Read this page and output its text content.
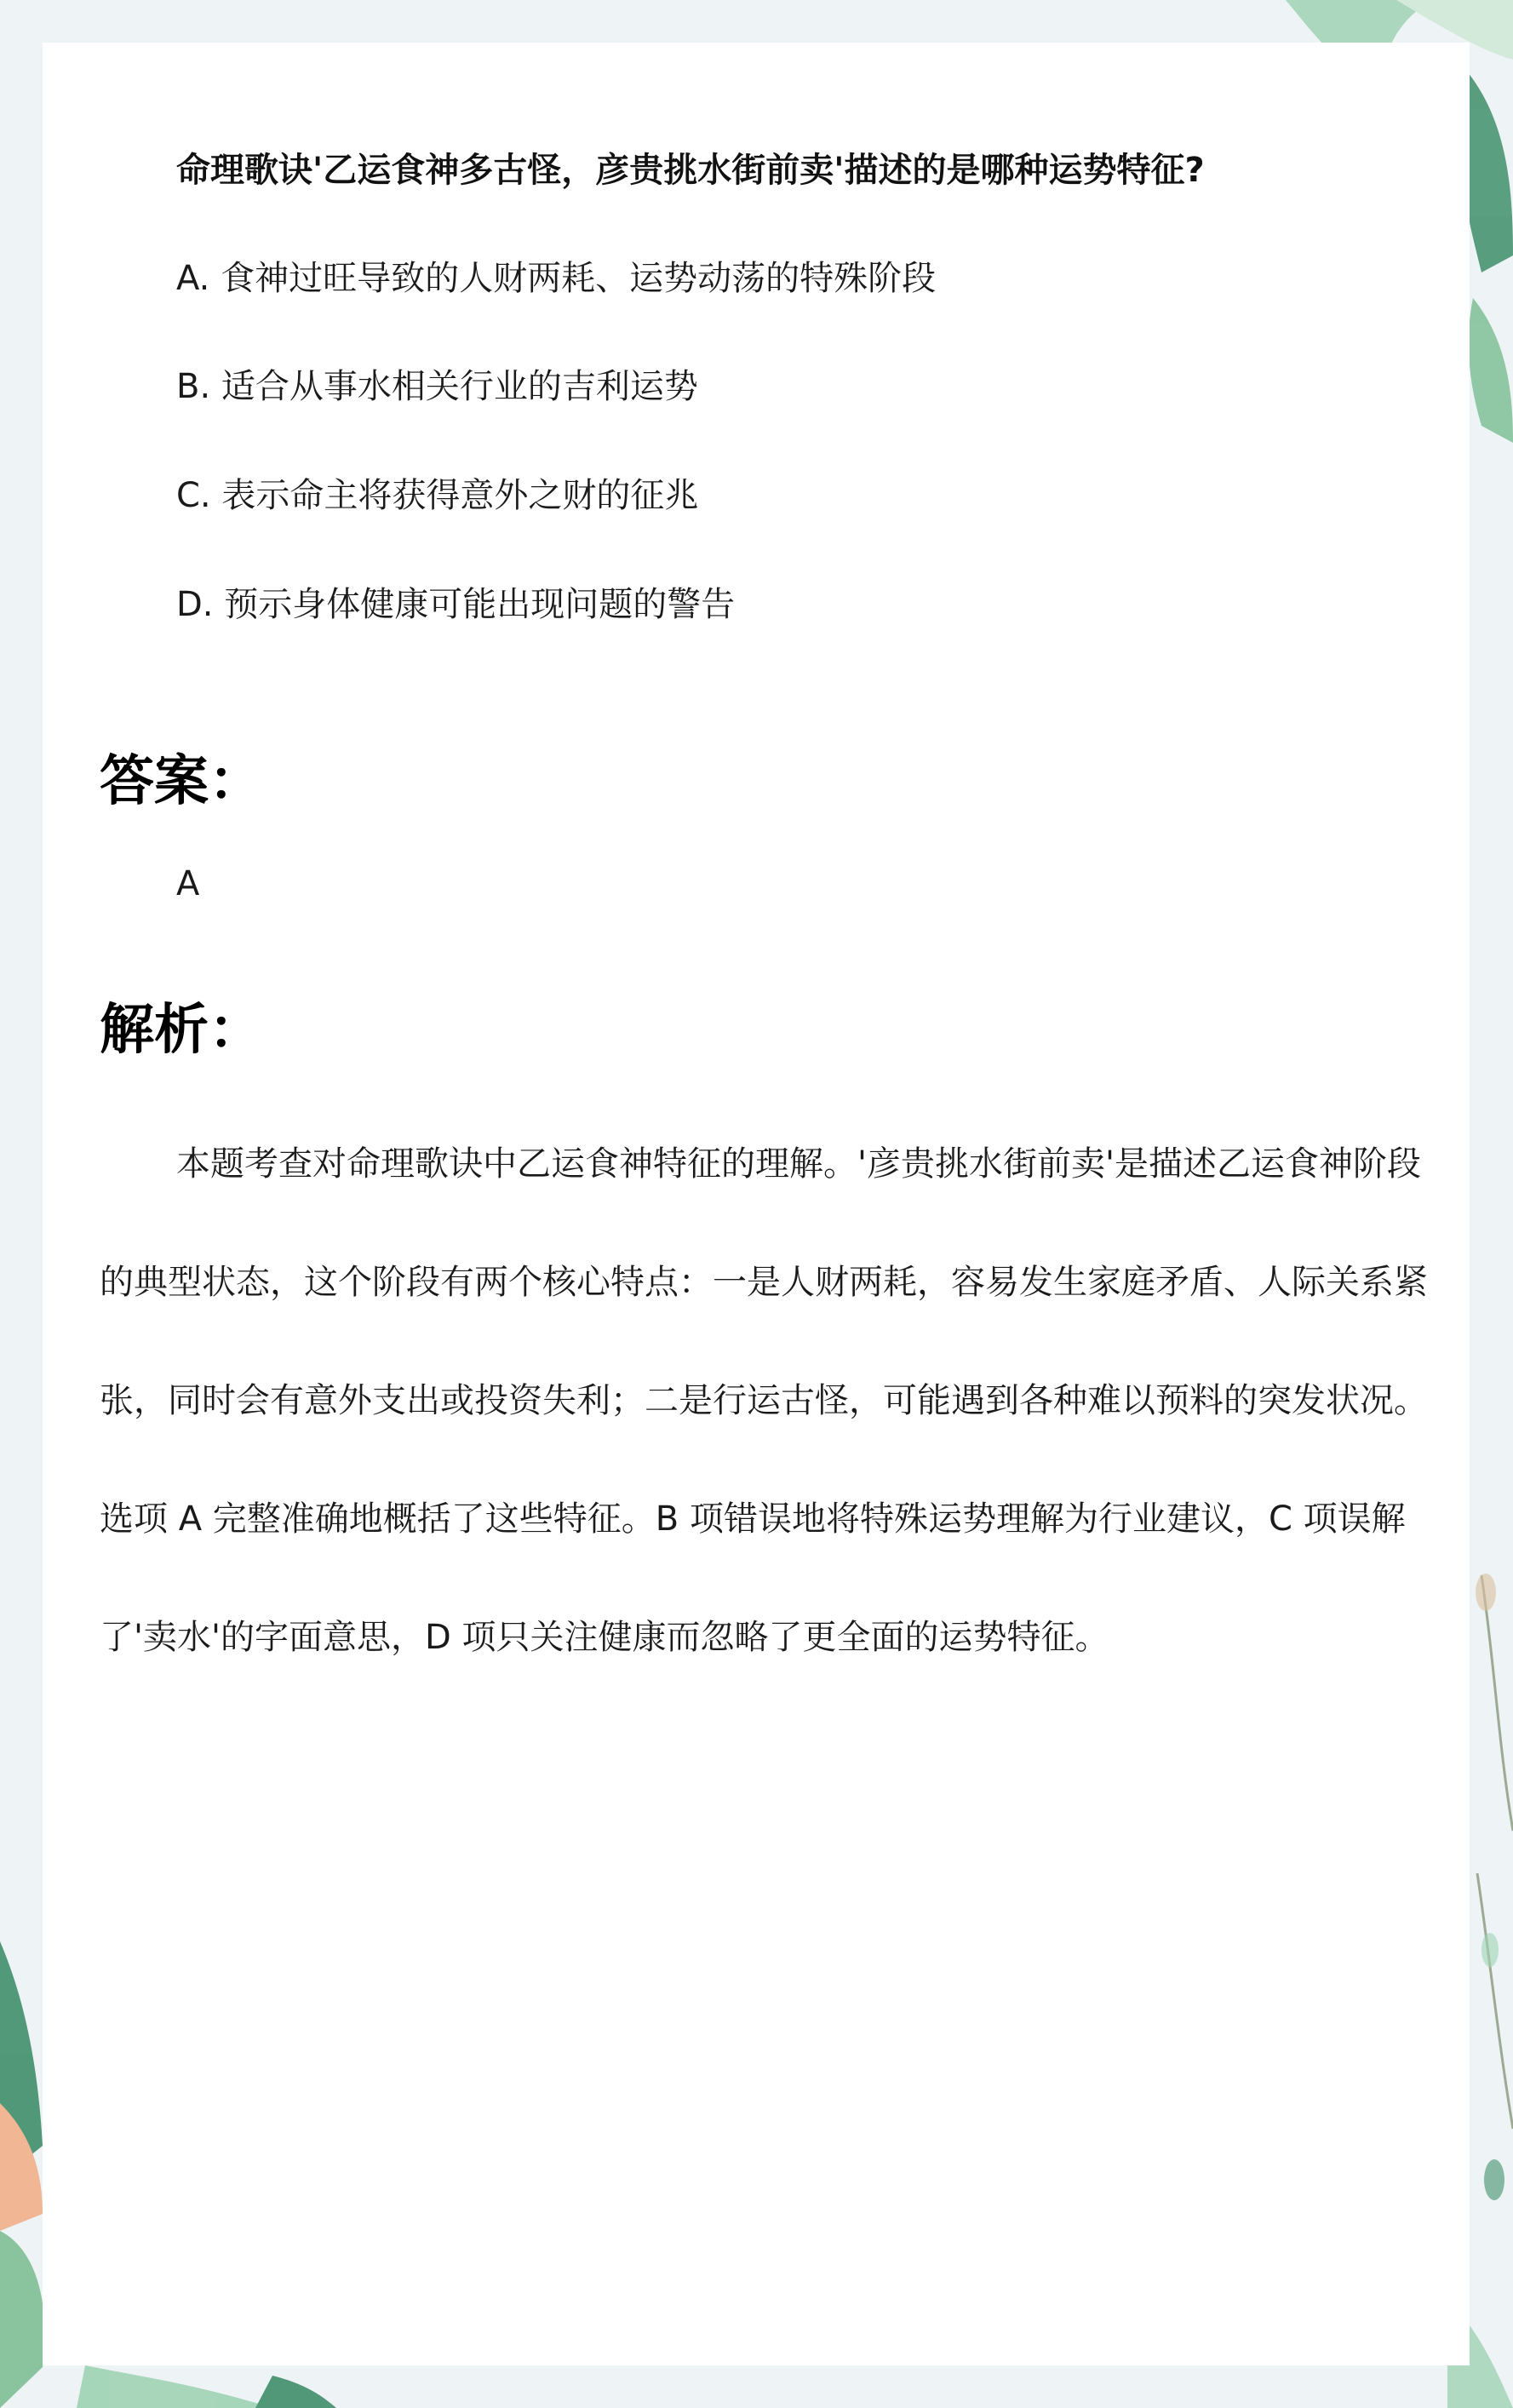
命理歌诀'乙运食神多古怪，彦贵挑水街前卖'描述的是哪种运势特征?

A. 食神过旺导致的人财两耗、运势动荡的特殊阶段

B. 适合从事水相关行业的吉利运势

C. 表示命主将获得意外之财的征兆

D. 预示身体健康可能出现问题的警告

答案：

A

解析：

本题考查对命理歌诀中乙运食神特征的理解。'彦贵挑水街前卖'是描述乙运食神阶段的典型状态，这个阶段有两个核心特点：一是人财两耗，容易发生家庭矛盾、人际关系紧张，同时会有意外支出或投资失利；二是行运古怪，可能遇到各种难以预料的突发状况。选项 A 完整准确地概括了这些特征。B 项错误地将特殊运势理解为行业建议，C 项误解了'卖水'的字面意思，D 项只关注健康而忽略了更全面的运势特征。
